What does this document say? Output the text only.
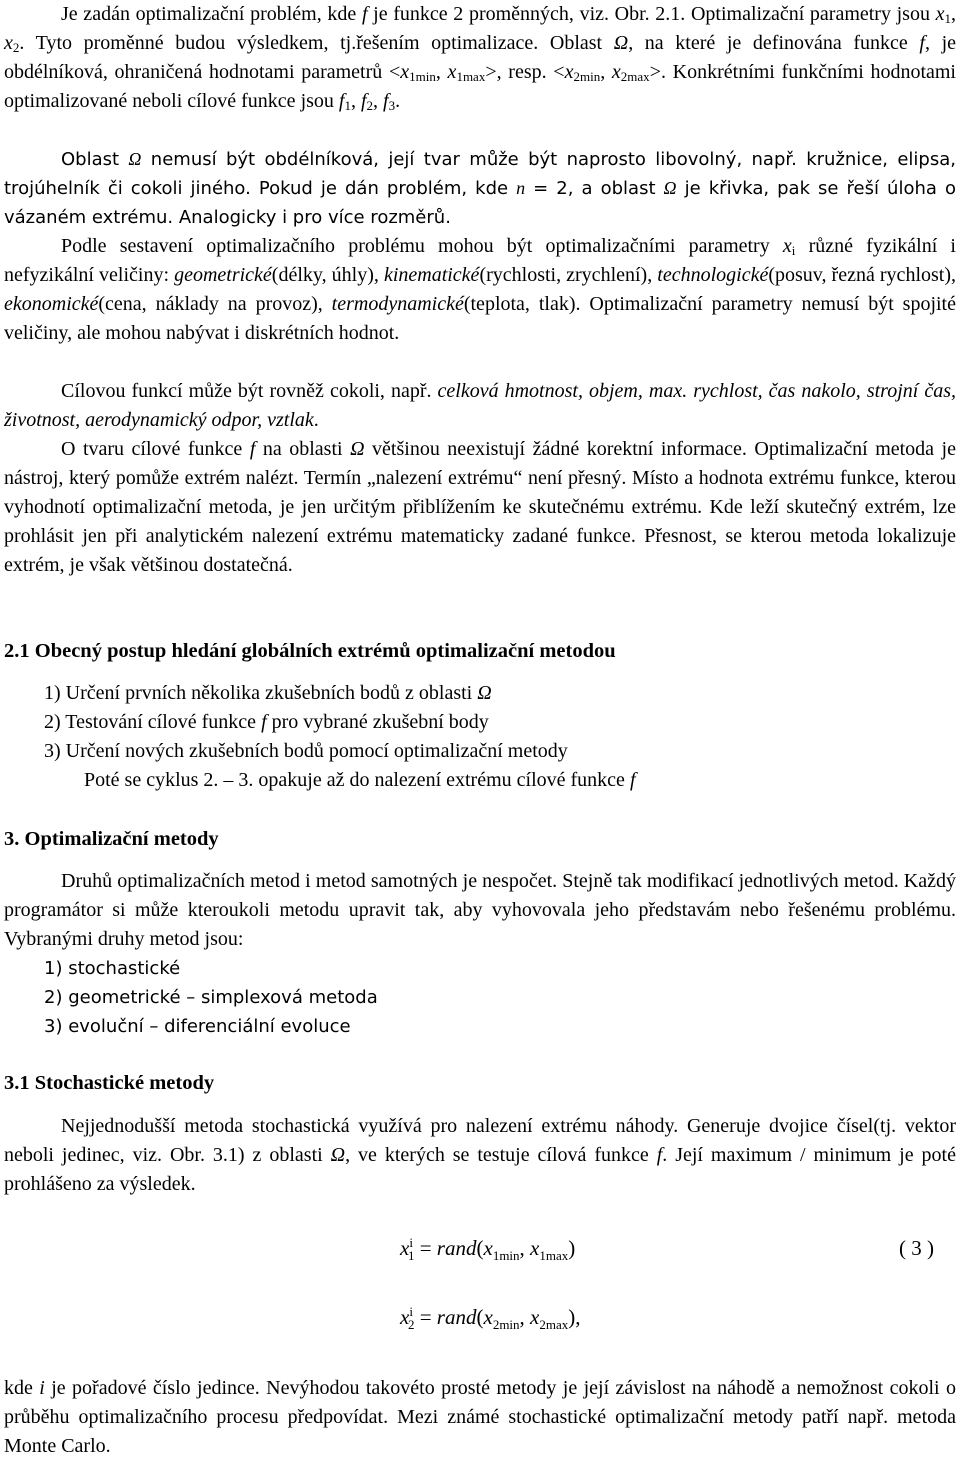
Je zadán optimalizační problém, kde f je funkce 2 proměnných, viz. Obr. 2.1. Optimalizační parametry jsou $x_1$, $x_2$. Tyto proměnné budou výsledkem, tj.řešením optimalizace. Oblast Ω, na které je definována funkce f, je obdélníková, ohraničená hodnotami parametrů $<x_{1min}$, $x_{1max}>$, resp. $<x_{2min}$, $x_{2max}>$. Konkrétními funkčními hodnotami optimalizované neboli cílové funkce jsou $f_1$, $f_2$, $f_3$.

Oblast Ω nemusí být obdélníková, její tvar může být naprosto libovolný, např. kružnice, elipsa, trojúhelník či cokoli jiného. Pokud je dán problém, kde n = 2, a oblast Ω je křivka, pak se řeší úloha o vázaném extrému. Analogicky i pro více rozměrů.

Podle sestavení optimalizačního problému mohou být optimalizačními parametry $x_i$ různé fyzikální i nefyzikální veličiny: geometrické(délky, úhly), kinematické(rychlosti, zrychlení), technologické(posuv, řezná rychlost), ekonomické(cena, náklady na provoz), termodynamické(teplota, tlak). Optimalizační parametry nemusí být spojité veličiny, ale mohou nabývat i diskrétních hodnot.

Cílovou funkcí může být rovněž cokoli, např. celková hmotnost, objem, max. rychlost, čas nakolo, strojní čas, životnost, aerodynamický odpor, vztlak.

O tvaru cílové funkce f na oblasti Ω většinou neexistují žádné korektní informace. Optimalizační metoda je nástroj, který pomůže extrém nalézt. Termín „nalezení extrému“ není přesný. Místo a hodnota extrému funkce, kterou vyhodnotí optimalizační metoda, je jen určitým přiblížením ke skutečnému extrému. Kde leží skutečný extrém, lze prohlásit jen při analytickém nalezení extrému matematicky zadané funkce. Přesnost, se kterou metoda lokalizuje extrém, je však většinou dostatečná.

2.1 Obecný postup hledání globálních extrémů optimalizační metodou
1) Určení prvních několika zkušebních bodů z oblasti Ω
2) Testování cílové funkce f pro vybrané zkušební body
3) Určení nových zkušebních bodů pomocí optimalizační metody
Poté se cyklus 2. – 3. opakuje až do nalezení extrému cílové funkce f
3. Optimalizační metody

Druhů optimalizačních metod i metod samotných je nespočet. Stejně tak modifikací jednotlivých metod. Každý programátor si může kteroukoli metodu upravit tak, aby vyhovovala jeho představám nebo řešenému problému. Vybranými druhy metod jsou:

1) stochastické
2) geometrické – simplexová metoda
3) evoluční – diferenciální evoluce
3.1 Stochastické metody

Nejjednodušší metoda stochastická využívá pro nalezení extrému náhody. Generuje dvojice čísel(tj. vektor neboli jedinec, viz. Obr. 3.1) z oblasti Ω, ve kterých se testuje cílová funkce f. Její maximum / minimum je poté prohlášeno za výsledek.

$x^i_1$ = $rand(x_{1min}$, $x_{1max}$)	( 3 )
$x^i_2$ = $rand(x_{2min}$, $x_{2max}$),

kde i je pořadové číslo jedince. Nevýhodou takovéto prosté metody je její závislost na náhodě a nemožnost cokoli o průběhu optimalizačního procesu předpovídat. Mezi známé stochastické optimalizační metody patří např. metoda Monte Carlo.
